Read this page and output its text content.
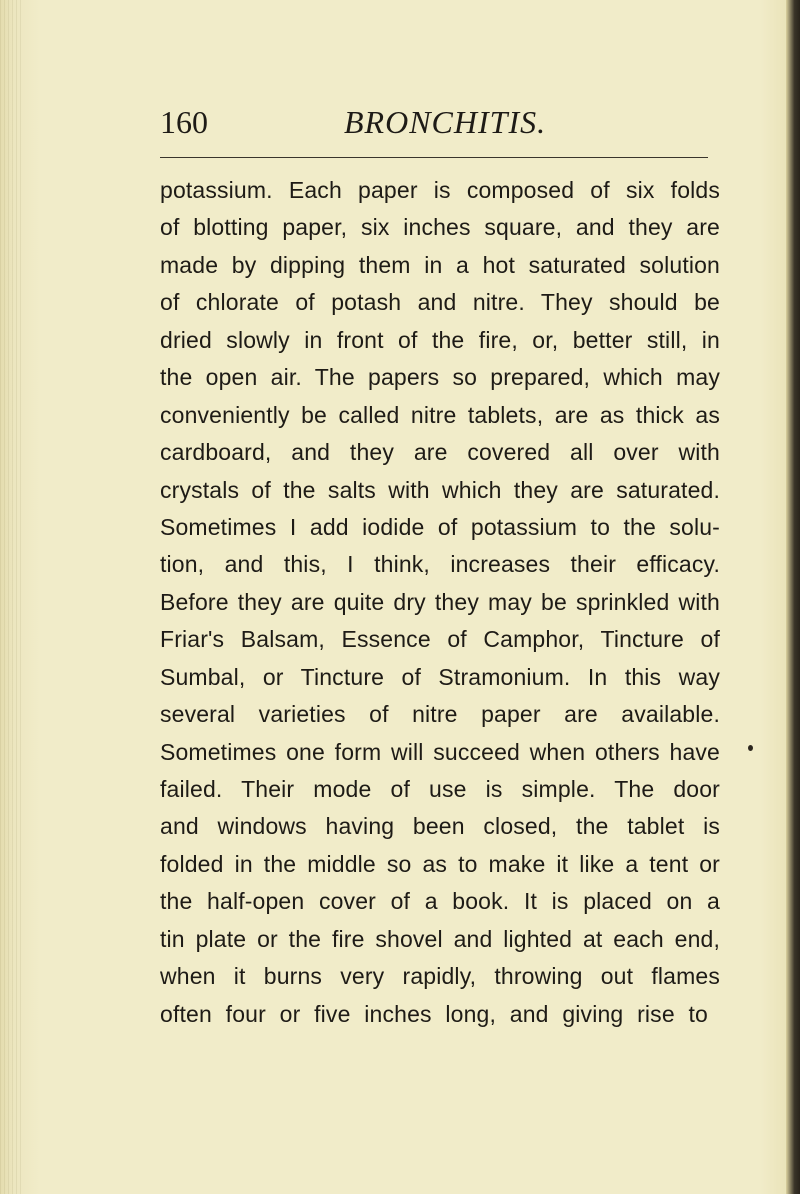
160	BRONCHITIS.
potassium. Each paper is composed of six folds
of blotting paper, six inches square, and they are
made by dipping them in a hot saturated solution
of chlorate of potash and nitre. They should be
dried slowly in front of the fire, or, better still, in
the open air. The papers so prepared, which may
conveniently be called nitre tablets, are as thick as
cardboard, and they are covered all over with
crystals of the salts with which they are saturated.
Sometimes I add iodide of potassium to the solu-
tion, and this, I think, increases their efficacy.
Before they are quite dry they may be sprinkled with
Friar's Balsam, Essence of Camphor, Tincture of
Sumbal, or Tincture of Stramonium. In this way
several varieties of nitre paper are available.
Sometimes one form will succeed when others have
failed. Their mode of use is simple. The door
and windows having been closed, the tablet is
folded in the middle so as to make it like a tent or
the half-open cover of a book. It is placed on a
tin plate or the fire shovel and lighted at each end,
when it burns very rapidly, throwing out flames
often four or five inches long, and giving rise to
